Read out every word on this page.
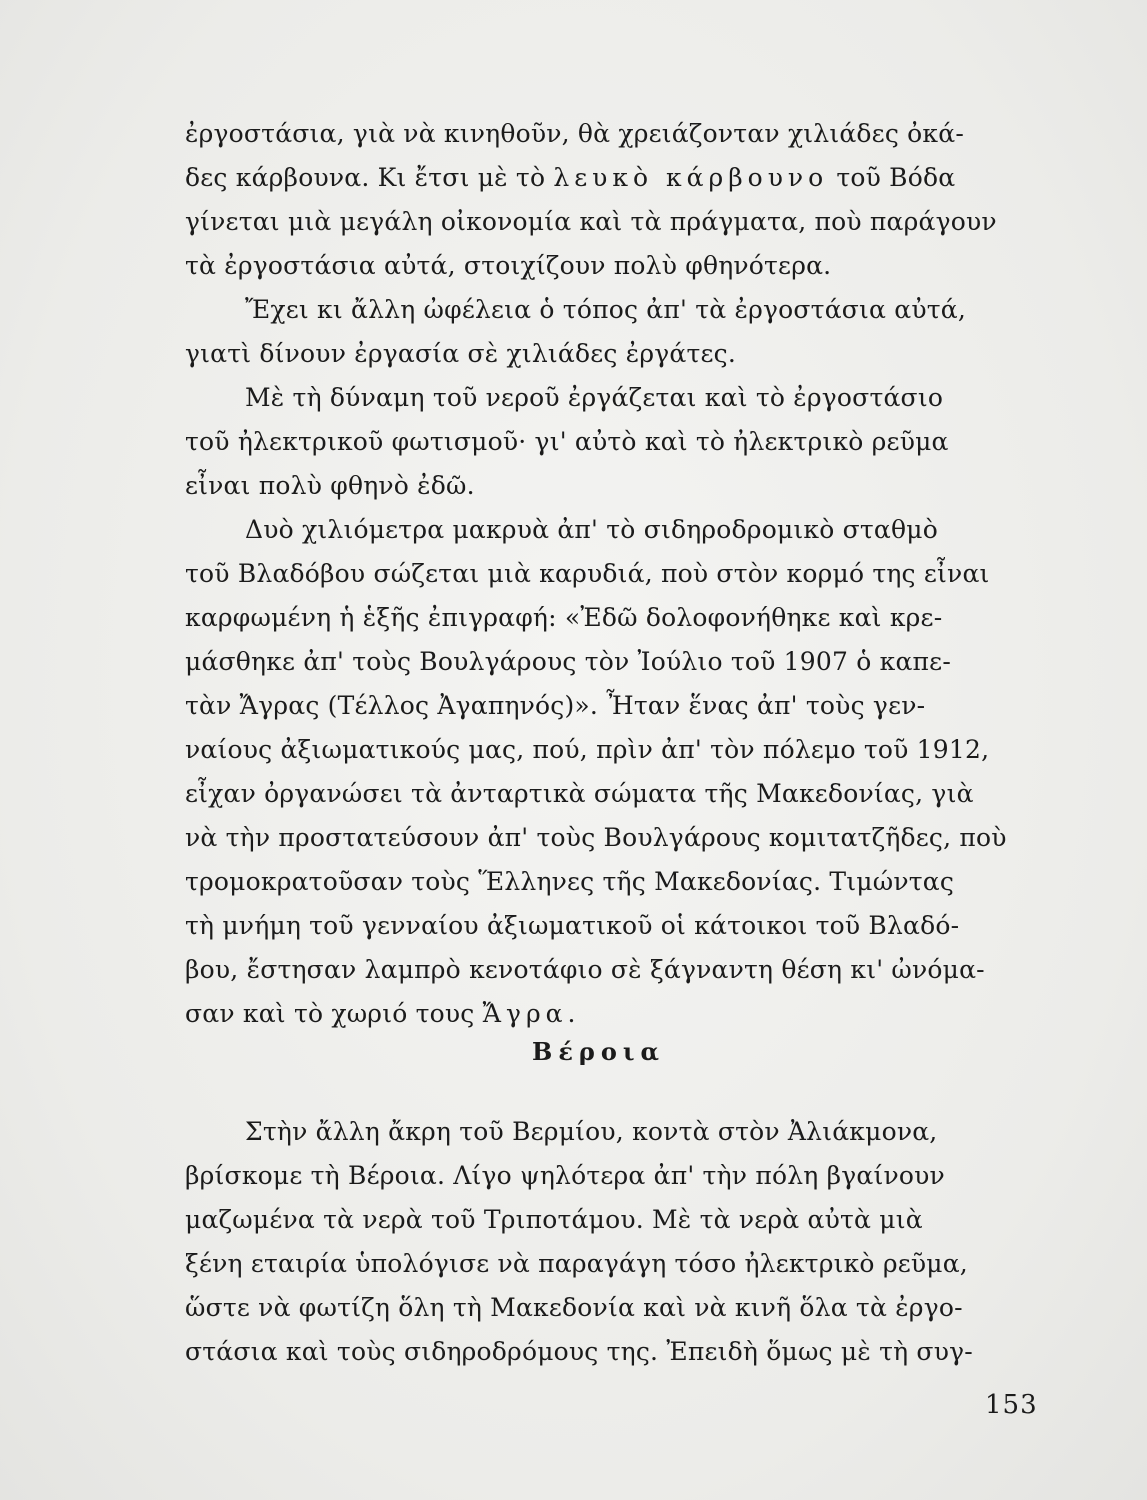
ἐργοστάσια, γιὰ νὰ κινηθοῦν, θὰ χρειάζονταν χιλιάδες ὀκά-
δες κάρβουνα. Κι ἔτσι μὲ τὸ λευκὸ κάρβουνο τοῦ Βόδα
γίνεται μιὰ μεγάλη οἰκονομία καὶ τὰ πράγματα, ποὺ παράγουν
τὰ ἐργοστάσια αὐτά, στοιχίζουν πολὺ φθηνότερα.
Ἔχει κι ἄλλη ὠφέλεια ὁ τόπος ἀπ' τὰ ἐργοστάσια αὐτά,
γιατὶ δίνουν ἐργασία σὲ χιλιάδες ἐργάτες.
Μὲ τὴ δύναμη τοῦ νεροῦ ἐργάζεται καὶ τὸ ἐργοστάσιο
τοῦ ἠλεκτρικοῦ φωτισμοῦ· γι' αὐτὸ καὶ τὸ ἠλεκτρικὸ ρεῦμα
εἶναι πολὺ φθηνὸ ἐδῶ.
Δυὸ χιλιόμετρα μακρυὰ ἀπ' τὸ σιδηροδρομικὸ σταθμὸ
τοῦ Βλαδόβου σώζεται μιὰ καρυδιά, ποὺ στὸν κορμό της εἶναι
καρφωμένη ἡ ἑξῆς ἐπιγραφή: «Ἐδῶ δολοφονήθηκε καὶ κρε-
μάσθηκε ἀπ' τοὺς Βουλγάρους τὸν Ἰούλιο τοῦ 1907 ὁ καπε-
τὰν Ἄγρας (Τέλλος Ἀγαπηνός)». Ἦταν ἕνας ἀπ' τοὺς γεν-
ναίους ἀξιωματικούς μας, πού, πρὶν ἀπ' τὸν πόλεμο τοῦ 1912,
εἶχαν ὀργανώσει τὰ ἀνταρτικὰ σώματα τῆς Μακεδονίας, γιὰ
νὰ τὴν προστατεύσουν ἀπ' τοὺς Βουλγάρους κομιτατζῆδες, ποὺ
τρομοκρατοῦσαν τοὺς Ἕλληνες τῆς Μακεδονίας. Τιμώντας
τὴ μνήμη τοῦ γενναίου ἀξιωματικοῦ οἱ κάτοικοι τοῦ Βλαδό-
βου, ἔστησαν λαμπρὸ κενοτάφιο σὲ ξάγναντη θέση κι' ὠνόμα-
σαν καὶ τὸ χωριό τους Ἄγρα.
Βέροια
Στὴν ἄλλη ἄκρη τοῦ Βερμίου, κοντὰ στὸν Ἀλιάκμονα,
βρίσκομε τὴ Βέροια. Λίγο ψηλότερα ἀπ' τὴν πόλη βγαίνουν
μαζωμένα τὰ νερὰ τοῦ Τριποτάμου. Μὲ τὰ νερὰ αὐτὰ μιὰ
ξένη εταιρία ὑπολόγισε νὰ παραγάγη τόσο ἠλεκτρικὸ ρεῦμα,
ὥστε νὰ φωτίζη ὅλη τὴ Μακεδονία καὶ νὰ κινῆ ὅλα τὰ ἐργο-
στάσια καὶ τοὺς σιδηροδρόμους της. Ἐπειδὴ ὅμως μὲ τὴ συγ-
153
